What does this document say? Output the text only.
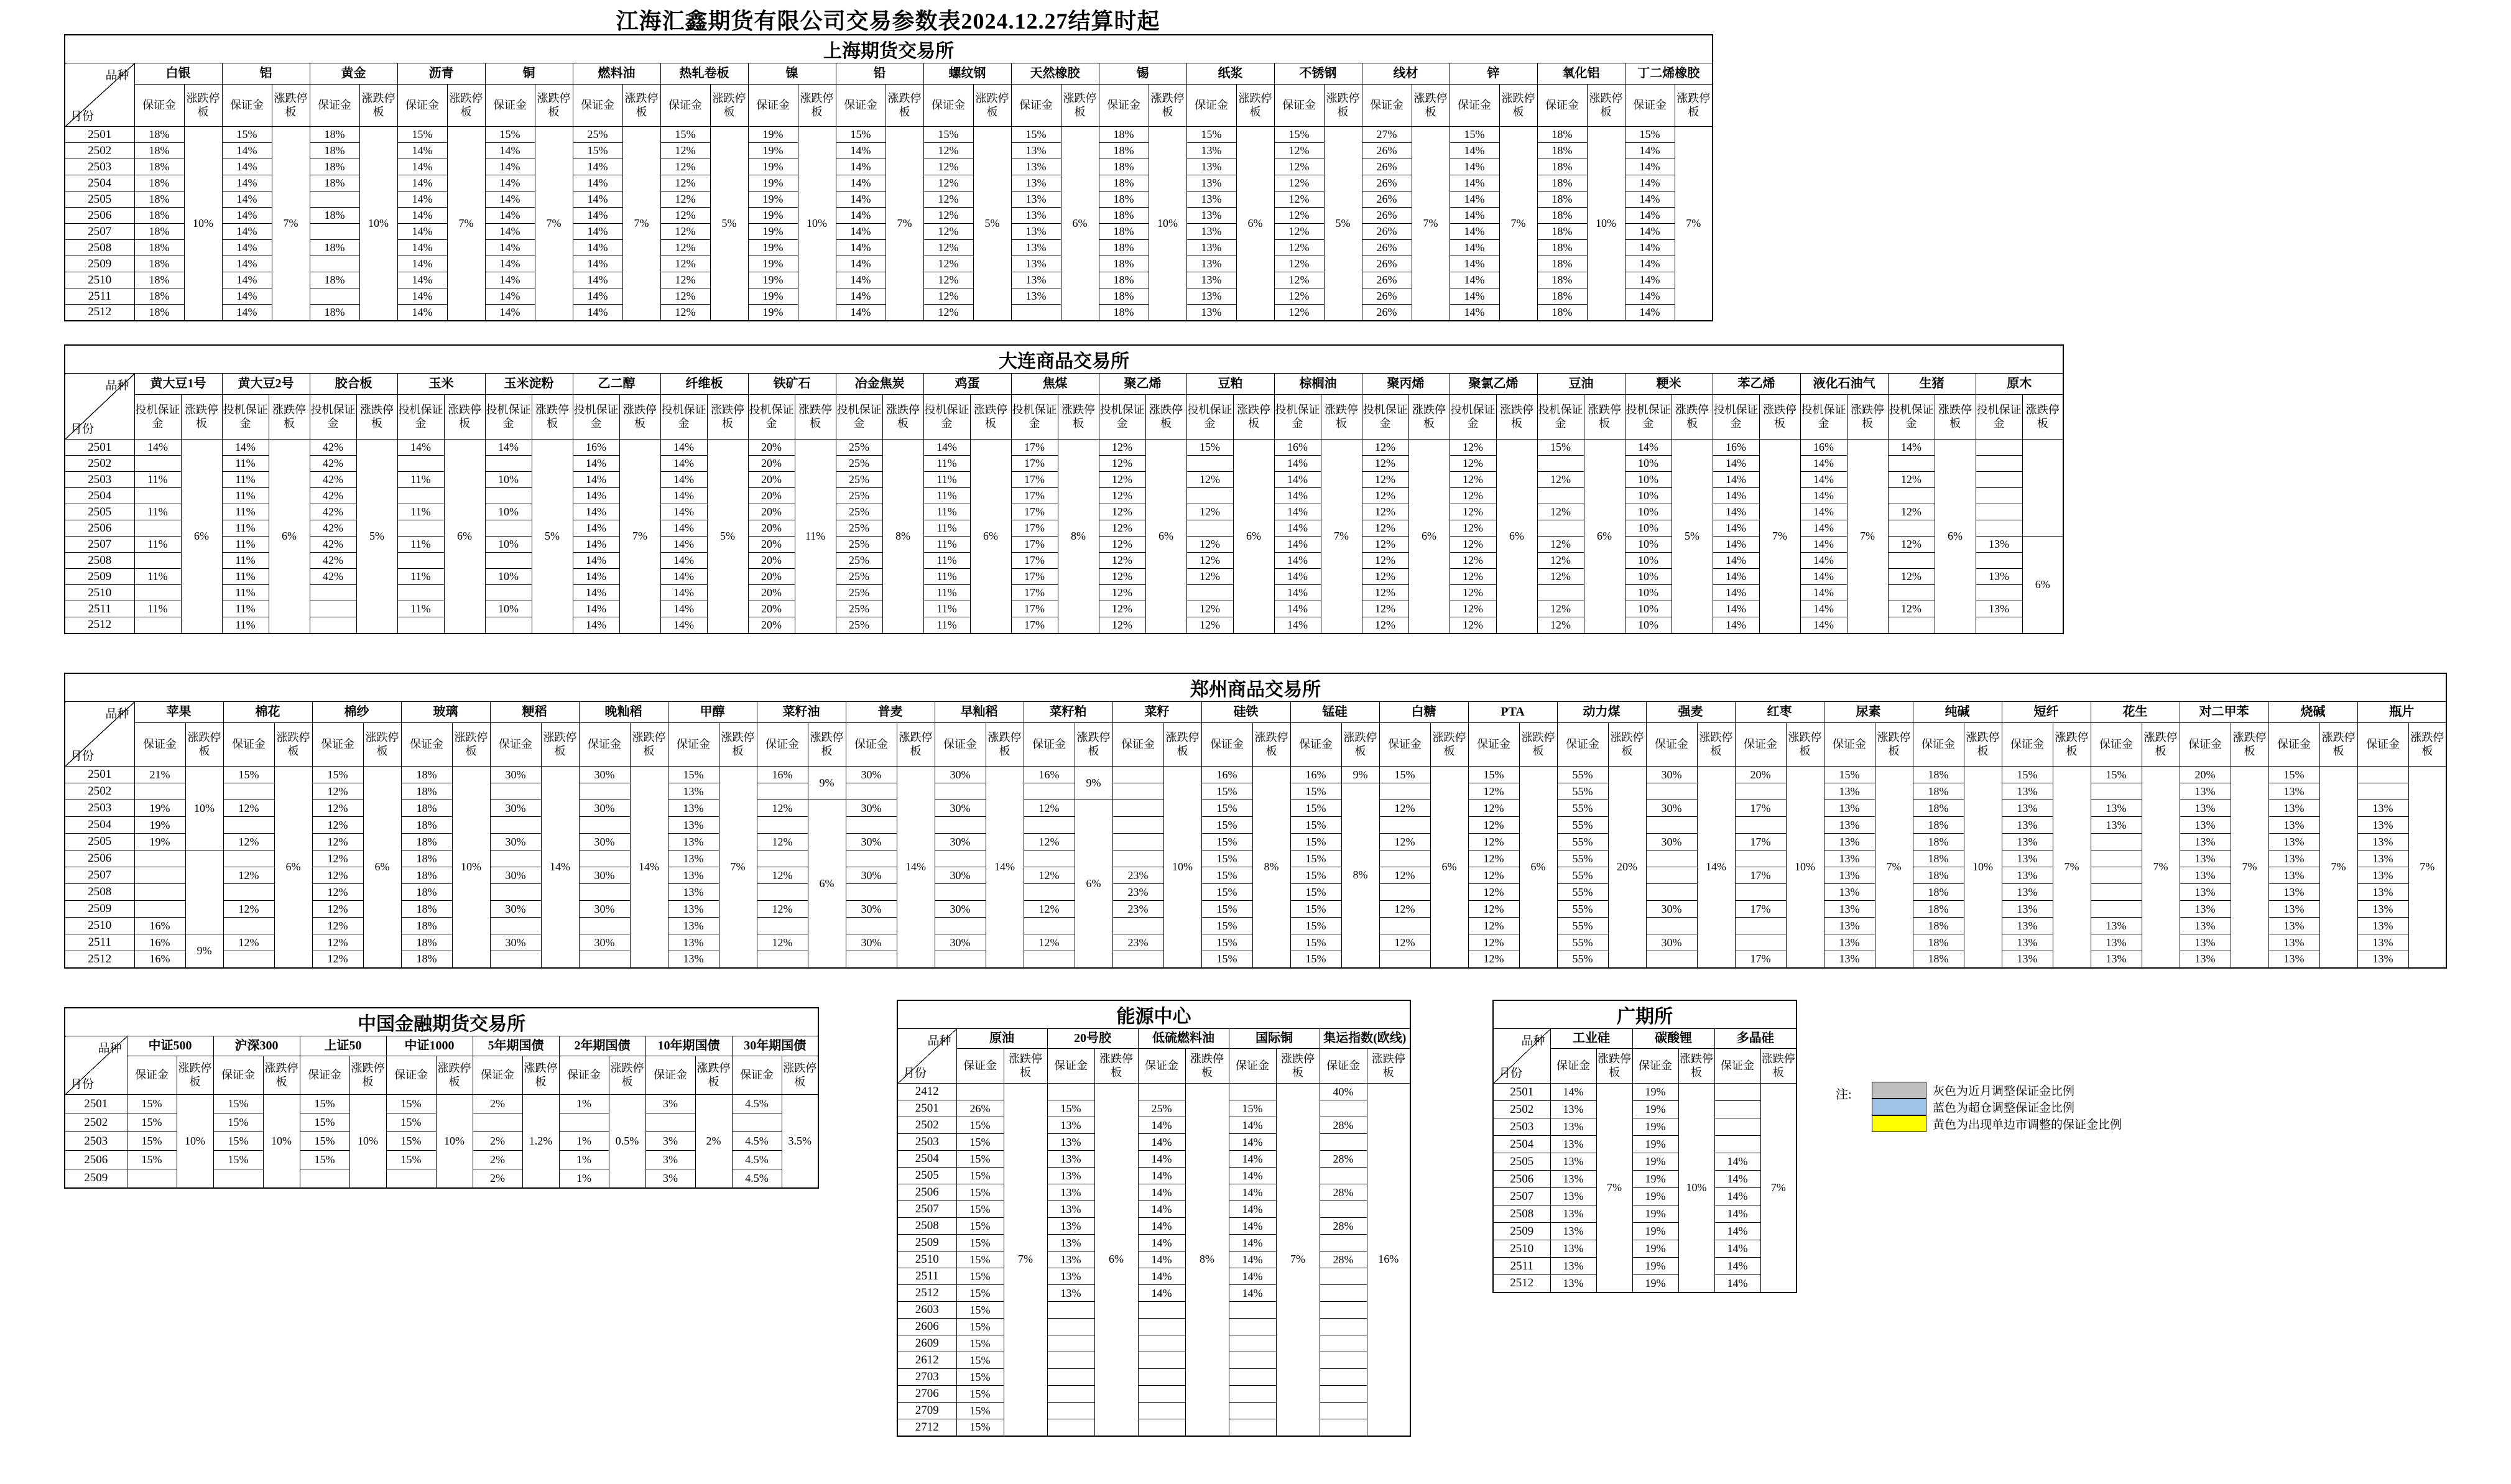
江海汇鑫期货有限公司交易参数表2024.12.27结算时起
上海期货交易所																																				

品种
月份	白银		铝		黄金		沥青		铜		燃料油		热轧卷板		镍		铅		螺纹钢		天然橡胶		锡		纸浆		不锈钢		线材		锌		氧化铝		丁二烯橡胶	
	保证金	涨跌停板	保证金	涨跌停板	保证金	涨跌停板	保证金	涨跌停板	保证金	涨跌停板	保证金	涨跌停板	保证金	涨跌停板	保证金	涨跌停板	保证金	涨跌停板	保证金	涨跌停板	保证金	涨跌停板	保证金	涨跌停板	保证金	涨跌停板	保证金	涨跌停板	保证金	涨跌停板	保证金	涨跌停板	保证金	涨跌停板	保证金	涨跌停板
2501	18%	10%	15%	7%	18%	10%	15%	7%	15%	7%	25%	7%	15%	5%	19%	10%	15%	7%	15%	5%	15%	6%	18%	10%	15%	6%	15%	5%	27%	7%	15%	7%	18%	10%	15%	7%
2502	18%		14%		18%		14%		14%		15%		12%		19%		14%		12%		13%		18%		13%		12%		26%		14%		18%		14%	
2503	18%		14%		18%		14%		14%		14%		12%		19%		14%		12%		13%		18%		13%		12%		26%		14%		18%		14%	
2504	18%		14%		18%		14%		14%		14%		12%		19%		14%		12%		13%		18%		13%		12%		26%		14%		18%		14%	
2505	18%		14%				14%		14%		14%		12%		19%		14%		12%		13%		18%		13%		12%		26%		14%		18%		14%	
2506	18%		14%		18%		14%		14%		14%		12%		19%		14%		12%		13%		18%		13%		12%		26%		14%		18%		14%	
2507	18%		14%				14%		14%		14%		12%		19%		14%		12%		13%		18%		13%		12%		26%		14%		18%		14%	
2508	18%		14%		18%		14%		14%		14%		12%		19%		14%		12%		13%		18%		13%		12%		26%		14%		18%		14%	
2509	18%		14%				14%		14%		14%		12%		19%		14%		12%		13%		18%		13%		12%		26%		14%		18%		14%	
2510	18%		14%		18%		14%		14%		14%		12%		19%		14%		12%		13%		18%		13%		12%		26%		14%		18%		14%	
2511	18%		14%				14%		14%		14%		12%		19%		14%		12%		13%		18%		13%		12%		26%		14%		18%		14%	
2512	18%		14%		18%		14%		14%		14%		12%		19%		14%		12%				18%		13%		12%		26%		14%		18%		14%	
大连商品交易所																																												

品种
月份	黄大豆1号		黄大豆2号		胶合板		玉米		玉米淀粉		乙二醇		纤维板		铁矿石		冶金焦炭		鸡蛋		焦煤		聚乙烯		豆粕		棕榈油		聚丙烯		聚氯乙烯		豆油		粳米		苯乙烯		液化石油气		生猪		原木	
	投机保证金	涨跌停板	投机保证金	涨跌停板	投机保证金	涨跌停板	投机保证金	涨跌停板	投机保证金	涨跌停板	投机保证金	涨跌停板	投机保证金	涨跌停板	投机保证金	涨跌停板	投机保证金	涨跌停板	投机保证金	涨跌停板	投机保证金	涨跌停板	投机保证金	涨跌停板	投机保证金	涨跌停板	投机保证金	涨跌停板	投机保证金	涨跌停板	投机保证金	涨跌停板	投机保证金	涨跌停板	投机保证金	涨跌停板	投机保证金	涨跌停板	投机保证金	涨跌停板	投机保证金	涨跌停板	投机保证金	涨跌停板
2501	14%	6%	14%	6%	42%	5%	14%	6%	14%	5%	16%	7%	14%	5%	20%	11%	25%	8%	14%	6%	17%	8%	12%	6%	15%	6%	16%	7%	12%	6%	12%	6%	15%	6%	14%	5%	16%	7%	16%	7%	14%	6%		
2502			11%		42%						14%		14%		20%		25%		11%		17%		12%				14%		12%		12%				10%		14%		14%					
2503	11%		11%		42%		11%		10%		14%		14%		20%		25%		11%		17%		12%		12%		14%		12%		12%		12%		10%		14%		14%		12%			
2504			11%		42%						14%		14%		20%		25%		11%		17%		12%				14%		12%		12%				10%		14%		14%					
2505	11%		11%		42%		11%		10%		14%		14%		20%		25%		11%		17%		12%		12%		14%		12%		12%		12%		10%		14%		14%		12%			
2506			11%		42%						14%		14%		20%		25%		11%		17%		12%				14%		12%		12%				10%		14%		14%					
2507	11%		11%		42%		11%		10%		14%		14%		20%		25%		11%		17%		12%		12%		14%		12%		12%		12%		10%		14%		14%		12%		13%	6%
2508			11%		42%						14%		14%		20%		25%		11%		17%		12%		12%		14%		12%		12%		12%		10%		14%		14%					
2509	11%		11%		42%		11%		10%		14%		14%		20%		25%		11%		17%		12%		12%		14%		12%		12%		12%		10%		14%		14%		12%		13%	
2510			11%								14%		14%		20%		25%		11%		17%		12%				14%		12%		12%				10%		14%		14%					
2511	11%		11%				11%		10%		14%		14%		20%		25%		11%		17%		12%		12%		14%		12%		12%		12%		10%		14%		14%		12%		13%	
2512			11%								14%		14%		20%		25%		11%		17%		12%		12%		14%		12%		12%		12%		10%		14%		14%					
郑州商品交易所																																																				

品种
月份	苹果		棉花		棉纱		玻璃		粳稻		晚籼稻		甲醇		菜籽油		普麦		早籼稻		菜籽粕		菜籽		硅铁		锰硅		白糖		PTA		动力煤		强麦		红枣		尿素		纯碱		短纤		花生		对二甲苯		烧碱		瓶片	
	保证金	涨跌停板	保证金	涨跌停板	保证金	涨跌停板	保证金	涨跌停板	保证金	涨跌停板	保证金	涨跌停板	保证金	涨跌停板	保证金	涨跌停板	保证金	涨跌停板	保证金	涨跌停板	保证金	涨跌停板	保证金	涨跌停板	保证金	涨跌停板	保证金	涨跌停板	保证金	涨跌停板	保证金	涨跌停板	保证金	涨跌停板	保证金	涨跌停板	保证金	涨跌停板	保证金	涨跌停板	保证金	涨跌停板	保证金	涨跌停板	保证金	涨跌停板	保证金	涨跌停板	保证金	涨跌停板	保证金	涨跌停板
2501	21%	10%	15%	6%	15%	6%	18%	10%	30%	14%	30%	14%	15%	7%	16%	9%	30%	14%	30%	14%	16%	9%		10%	16%	8%	16%	9%	15%	6%	15%	6%	55%	20%	30%	14%	20%	10%	15%	7%	18%	10%	15%	7%	15%	7%	20%	7%	15%	7%		7%
2502					12%		18%						13%												15%		15%	8%			12%		55%						13%		18%		13%				13%		13%			
2503	19%		12%		12%		18%		30%		30%		13%		12%	6%	30%		30%		12%	6%			15%		15%		12%		12%		55%		30%		17%		13%		18%		13%		13%		13%		13%		13%	
2504	19%				12%		18%						13%												15%		15%				12%		55%						13%		18%		13%		13%		13%		13%		13%	
2505	19%		12%		12%		18%		30%		30%		13%		12%		30%		30%		12%				15%		15%		12%		12%		55%		30%		17%		13%		18%		13%				13%		13%		13%	
2506					12%		18%						13%												15%		15%				12%		55%						13%		18%		13%				13%		13%		13%	
2507			12%		12%		18%		30%		30%		13%		12%		30%		30%		12%		23%		15%		15%		12%		12%		55%				17%		13%		18%		13%				13%		13%		13%	
2508					12%		18%						13%										23%		15%		15%				12%		55%						13%		18%		13%				13%		13%		13%	
2509			12%		12%		18%		30%		30%		13%		12%		30%		30%		12%		23%		15%		15%		12%		12%		55%		30%		17%		13%		18%		13%				13%		13%		13%	
2510	16%				12%		18%						13%												15%		15%				12%		55%						13%		18%		13%		13%		13%		13%		13%	
2511	16%	9%	12%		12%		18%		30%		30%		13%		12%		30%		30%		12%		23%		15%		15%		12%		12%		55%		30%				13%		18%		13%		13%		13%		13%		13%	
2512	16%				12%		18%						13%												15%		15%				12%		55%				17%		13%		18%		13%		13%		13%		13%		13%	
中国金融期货交易所																

品种
月份	中证500		沪深300		上证50		中证1000		5年期国债		2年期国债		10年期国债		30年期国债	
	保证金	涨跌停板	保证金	涨跌停板	保证金	涨跌停板	保证金	涨跌停板	保证金	涨跌停板	保证金	涨跌停板	保证金	涨跌停板	保证金	涨跌停板
2501	15%	10%	15%	10%	15%	10%	15%	10%	2%	1.2%	1%	0.5%	3%	2%	4.5%	3.5%
2502	15%		15%		15%		15%									
2503	15%		15%		15%		15%		2%		1%		3%		4.5%	
2506	15%		15%		15%		15%		2%		1%		3%		4.5%	
2509									2%		1%		3%		4.5%	
能源中心										

品种
月份	原油		20号胶		低硫燃料油		国际铜		集运指数(欧线)	
	保证金	涨跌停板	保证金	涨跌停板	保证金	涨跌停板	保证金	涨跌停板	保证金	涨跌停板
2412		7%		6%		8%		7%	40%	16%
2501	26%		15%		25%		15%			
2502	15%		13%		14%		14%		28%	
2503	15%		13%		14%		14%			
2504	15%		13%		14%		14%		28%	
2505	15%		13%		14%		14%			
2506	15%		13%		14%		14%		28%	
2507	15%		13%		14%		14%			
2508	15%		13%		14%		14%		28%	
2509	15%		13%		14%		14%			
2510	15%		13%		14%		14%		28%	
2511	15%		13%		14%		14%			
2512	15%		13%		14%		14%			
2603	15%									
2606	15%									
2609	15%									
2612	15%									
2703	15%									
2706	15%									
2709	15%									
2712	15%									
广期所						

品种
月份	工业硅		碳酸锂		多晶硅	
	保证金	涨跌停板	保证金	涨跌停板	保证金	涨跌停板
2501	14%	7%	19%	10%		7%
2502	13%		19%			
2503	13%		19%			
2504	13%		19%			
2505	13%		19%		14%	
2506	13%		19%		14%	
2507	13%		19%		14%	
2508	13%		19%		14%	
2509	13%		19%		14%	
2510	13%		19%		14%	
2511	13%		19%		14%	
2512	13%		19%		14%	
注:	灰色为近月调整保证金比例
蓝色为超仓调整保证金比例
黄色为出现单边市调整的保证金比例
